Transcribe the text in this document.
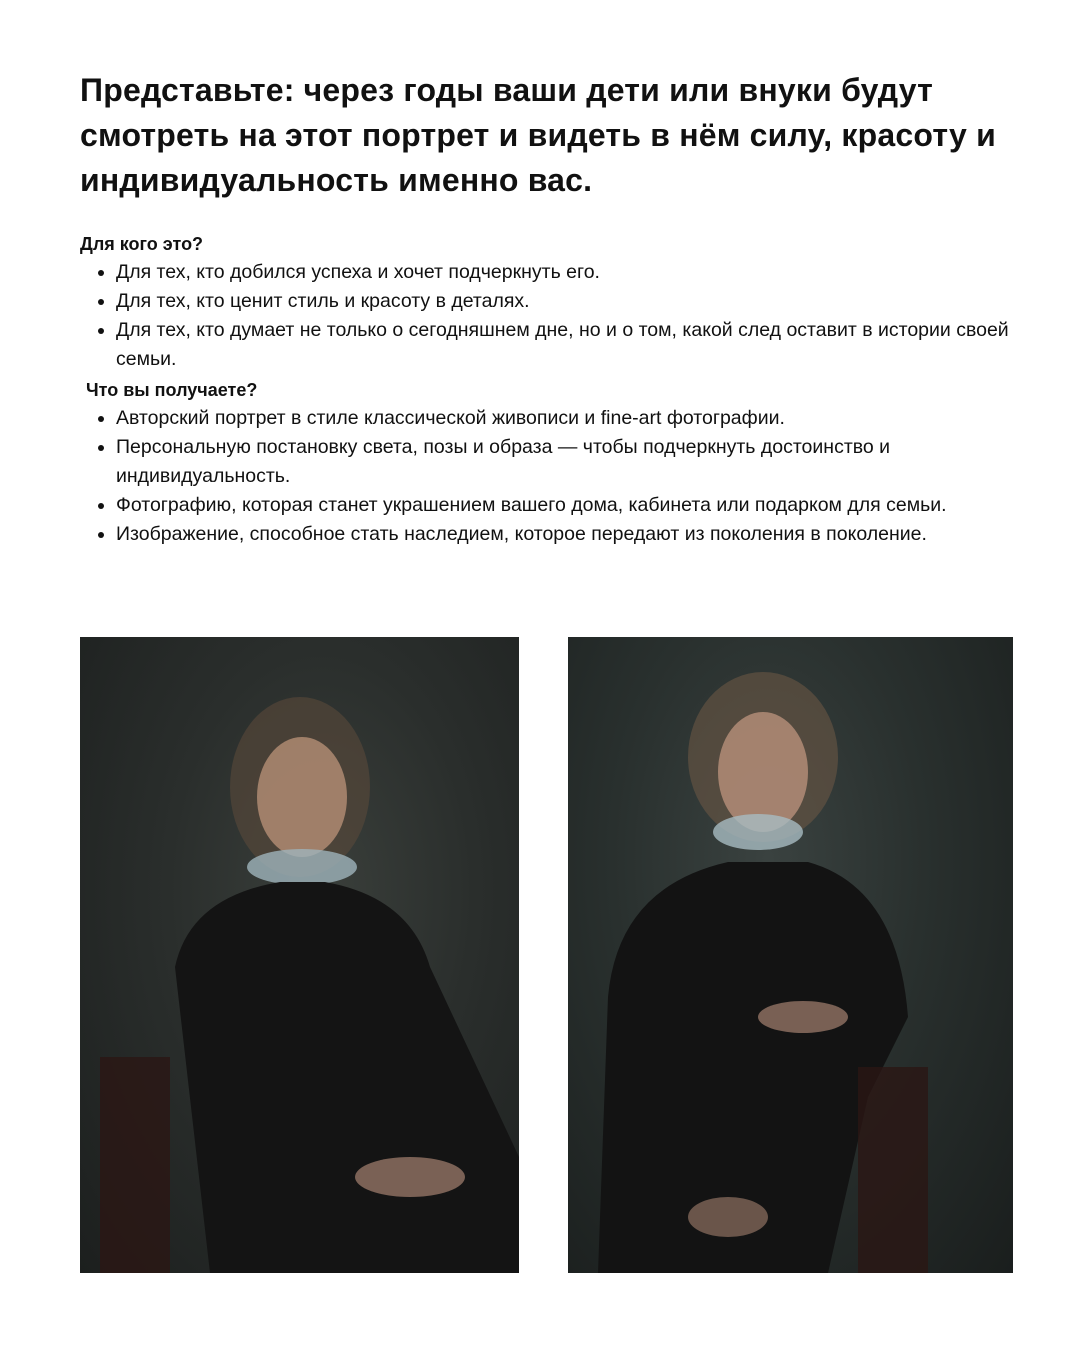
Представьте: через годы ваши дети или внуки будут смотреть на этот портрет и видеть в нём силу, красоту и индивидуальность именно вас.

Для кого это?

• Для тех, кто добился успеха и хочет подчеркнуть его.
• Для тех, кто ценит стиль и красоту в деталях.
• Для тех, кто думает не только о сегодняшнем дне, но и о том, какой след оставит в истории своей семьи.

Что вы получаете?

• Авторский портрет в стиле классической живописи и fine-art фотографии.
• Персональную постановку света, позы и образа — чтобы подчеркнуть достоинство и индивидуальность.
• Фотографию, которая станет украшением вашего дома, кабинета или подарком для семьи.
• Изображение, способное стать наследием, которое передают из поколения в поколение.
